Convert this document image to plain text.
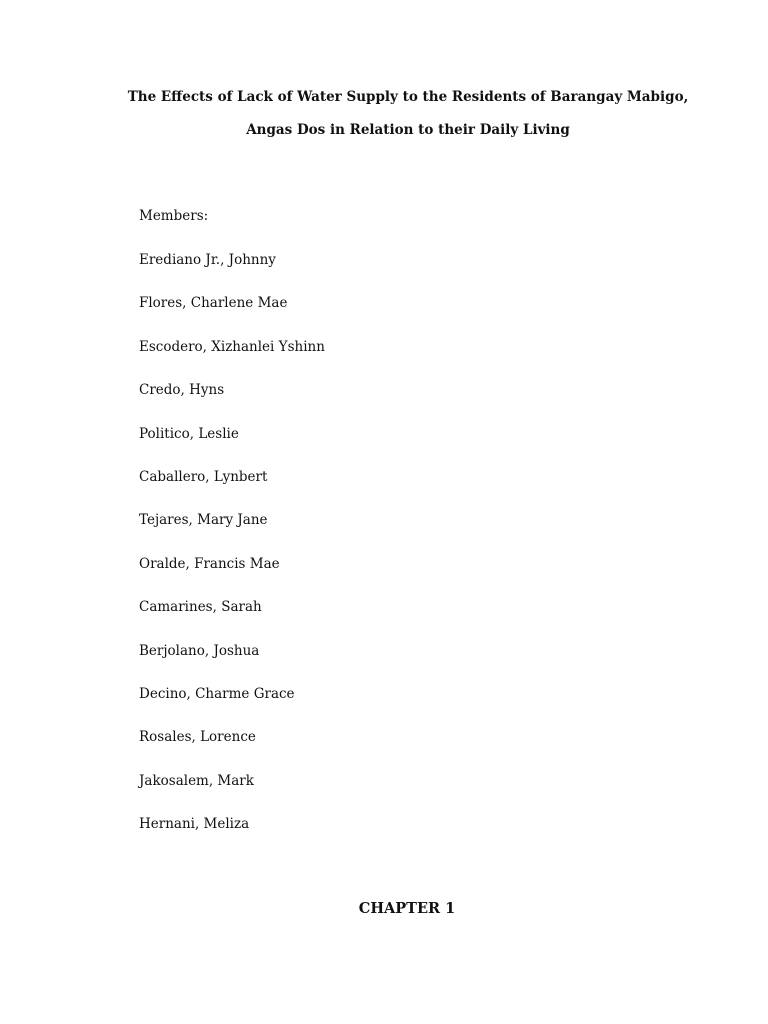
The Effects of Lack of Water Supply to the Residents of Barangay Mabigo,
Angas Dos in Relation to their Daily Living
Members:
Erediano Jr., Johnny
Flores, Charlene Mae
Escodero, Xizhanlei Yshinn
Credo, Hyns
Politico, Leslie
Caballero, Lynbert
Tejares, Mary Jane
Oralde, Francis Mae
Camarines, Sarah
Berjolano, Joshua
Decino, Charme Grace
Rosales, Lorence
Jakosalem, Mark
Hernani, Meliza
CHAPTER 1
